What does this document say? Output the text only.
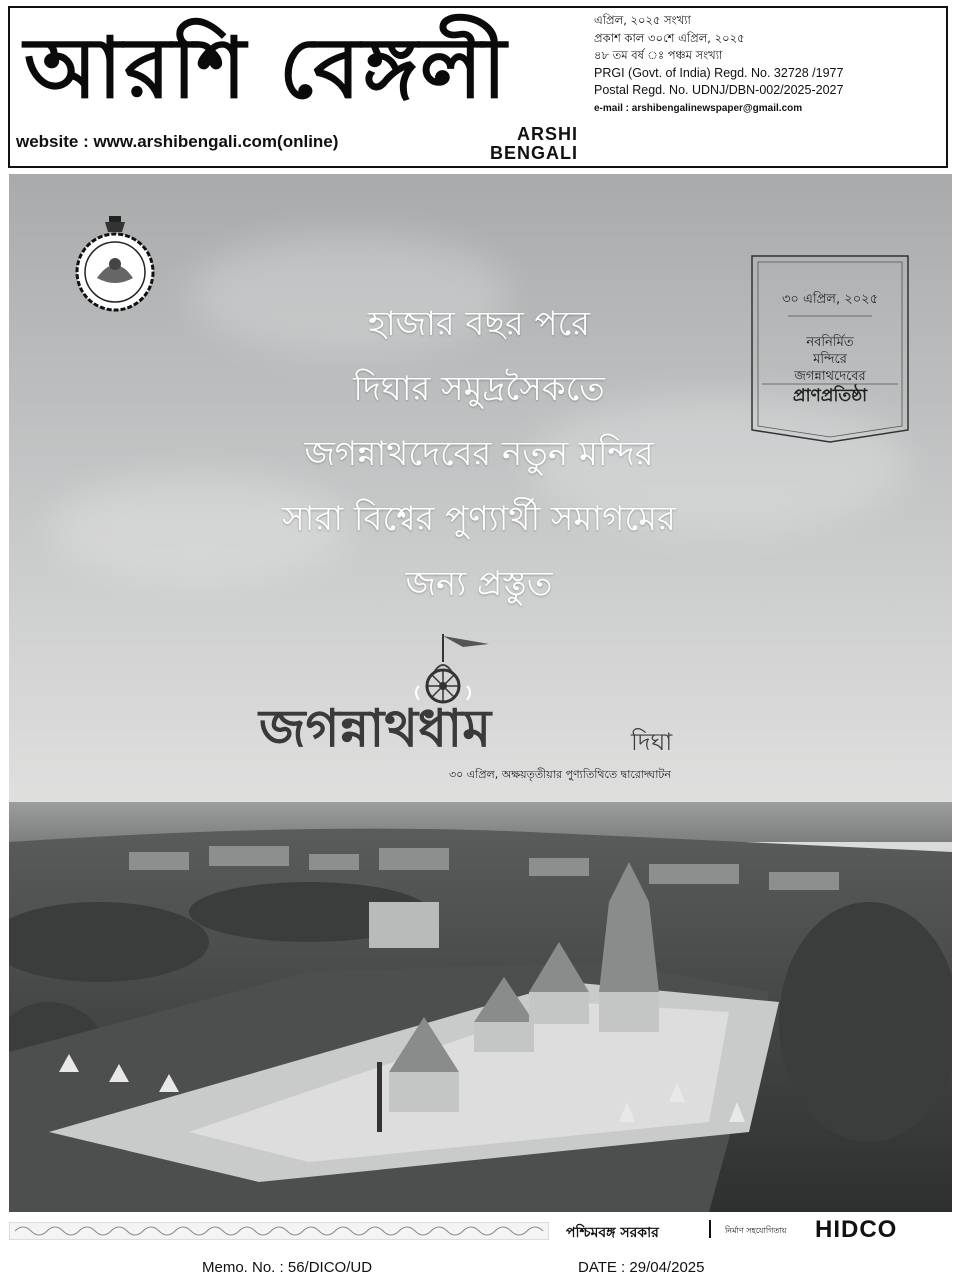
আরশি বেঙ্গলী
website : www.arshibengali.com(online)	ARSHI
BENGALI
এপ্রিল, ২০২৫ সংখ্যা
প্রকাশ কাল ৩০শে এপ্রিল, ২০২৫
৪৮ তম বর্ষ ঃ পঞ্চম সংখ্যা
PRGI (Govt. of India) Regd. No. 32728 /1977
Postal Regd. No. UDNJ/DBN-002/2025-2027
e-mail : arshibengalinewspaper@gmail.com
৩০ এপ্রিল, ২০২৫
নবনির্মিত
মন্দিরে
জগন্নাথদেবের
প্রাণপ্রতিষ্ঠা
হাজার বছর পরে
দিঘার সমুদ্রসৈকতে
জগন্নাথদেবের নতুন মন্দির
সারা বিশ্বের পুণ্যার্থী সমাগমের
জন্য প্রস্তুত
জগন্নাথধাম	দিঘা
৩০ এপ্রিল, অক্ষয়তৃতীয়ার পুণ্যতিথিতে দ্বারোদ্ঘাটন
পশ্চিমবঙ্গ সরকার	নির্মাণ সহযোগিতায় HIDCO
Memo. No. : 56/DICO/UD	DATE : 29/04/2025
